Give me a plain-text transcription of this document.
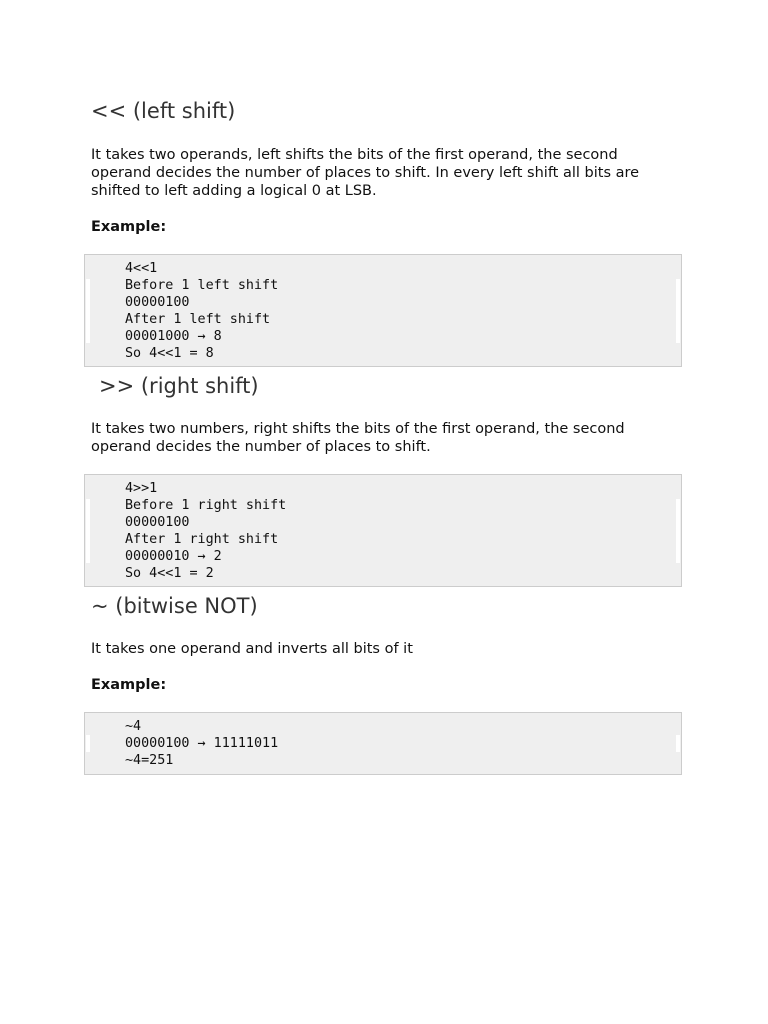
<< (left shift)

It takes two operands, left shifts the bits of the first operand, the second operand decides the number of places to shift. In every left shift all bits are shifted to left adding a logical 0 at LSB.

Example:

4<<1
Before 1 left shift
00000100
After 1 left shift
00001000 → 8
So 4<<1 = 8
>> (right shift)

It takes two numbers, right shifts the bits of the first operand, the second operand decides the number of places to shift.

4>>1
Before 1 right shift
00000100
After 1 right shift
00000010 → 2
So 4<<1 = 2
~ (bitwise NOT)

It takes one operand and inverts all bits of it

Example:

~4
00000100 → 11111011
~4=251
